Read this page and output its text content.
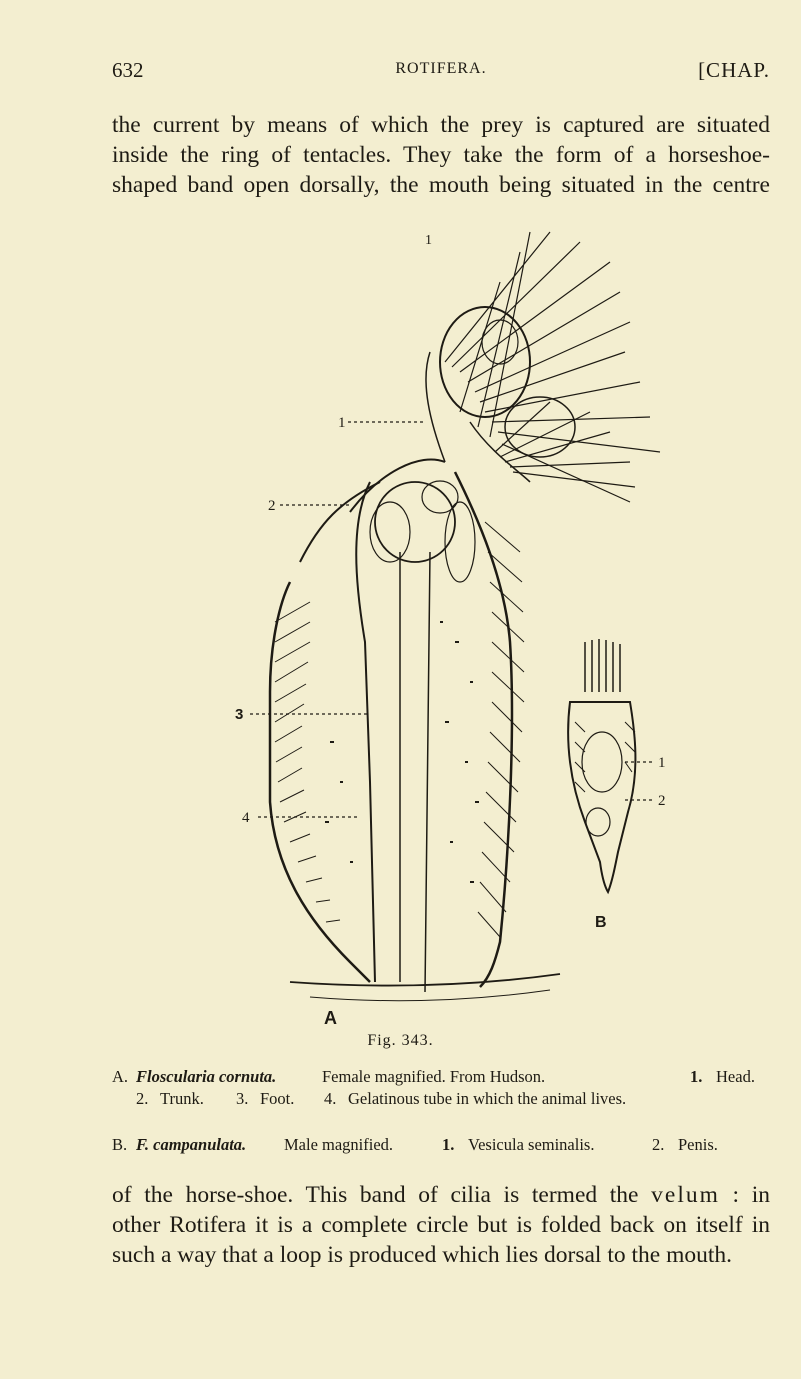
632	ROTIFERA.	[CHAP.
the current by means of which the prey is captured are situated
inside the ring of tentacles. They take the form of a horseshoe-
shaped band open dorsally, the mouth being situated in the centre
1
1
2
3
4
1
2
B
A
Fig. 343.
A. Floscularia cornuta.	Female magnified. From Hudson.	1. Head.
2. Trunk. 3. Foot. 4. Gelatinous tube in which the animal lives.
B. F. campanulata. Male magnified.	1. Vesicula seminalis.	2. Penis.
of the horse-shoe. This band of cilia is termed the velum : in
other Rotifera it is a complete circle but is folded back on itself in
such a way that a loop is produced which lies dorsal to the mouth.
